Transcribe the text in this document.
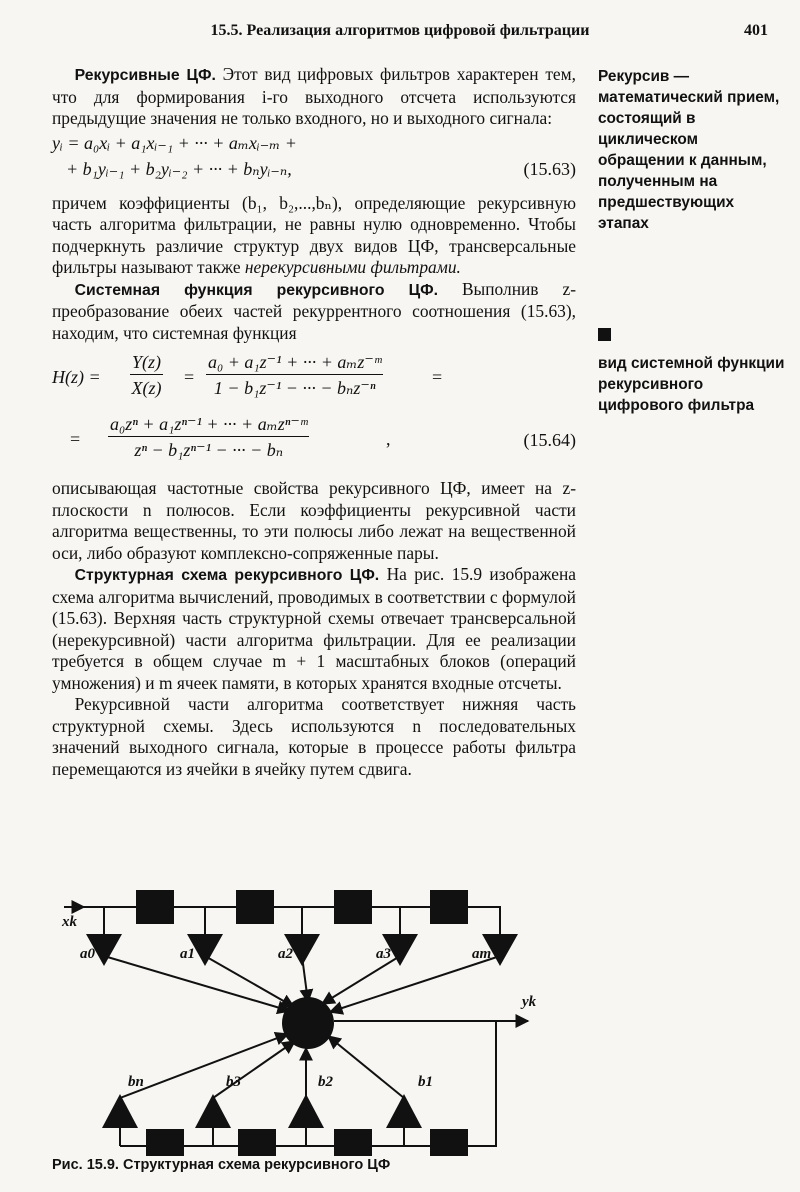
15.5. Реализация алгоритмов цифровой фильтрации	401

Рекурсивные ЦФ. Этот вид цифровых фильтров характерен тем, что для формирования i-го выходного отсчета используются предыдущие значения не только входного, но и выходного сигнала:

yᵢ = a₀xᵢ + a₁xᵢ₋₁ + ··· + aₘxᵢ₋ₘ +
+ b₁yᵢ₋₁ + b₂yᵢ₋₂ + ··· + bₙyᵢ₋ₙ,	(15.63)

причем коэффициенты (b₁, b₂,...,bₙ), определяющие рекурсивную часть алгоритма фильтрации, не равны нулю одновременно. Чтобы подчеркнуть различие структур двух видов ЦФ, трансверсальные фильтры называют также нерекурсивными фильтрами.

Системная функция рекурсивного ЦФ. Выполнив z-преобразование обеих частей рекуррентного соотношения (15.63), находим, что системная функция

$H(z) = \frac{Y(z)}{X(z)}$ =
a₀ + a₁z⁻¹ + ··· + aₘz⁻ᵐ
1 − b₁z⁻¹ − ··· − bₙz⁻ⁿ
=
=
a₀zⁿ + a₁zⁿ⁻¹ + ··· + aₘzⁿ⁻ᵐ
zⁿ − b₁zⁿ⁻¹ − ··· − bₙ
,	(15.64)

описывающая частотные свойства рекурсивного ЦФ, имеет на z-плоскости n полюсов. Если коэффициенты рекурсивной части алгоритма вещественны, то эти полюсы либо лежат на вещественной оси, либо образуют комплексно-сопряженные пары.

Структурная схема рекурсивного ЦФ. На рис. 15.9 изображена схема алгоритма вычислений, проводимых в соответствии с формулой (15.63). Верхняя часть структурной схемы отвечает трансверсальной (нерекурсивной) части алгоритма фильтрации. Для ее реализации требуется в общем случае m + 1 масштабных блоков (операций умножения) и m ячеек памяти, в которых хранятся входные отсчеты.

Рекурсивной части алгоритма соответствует нижняя часть структурной схемы. Здесь используются n последовательных значений выходного сигнала, которые в процессе работы фильтра перемещаются из ячейки в ячейку путем сдвига.

Рекурсив — математический прием, состоящий в циклическом обращении к данным, полученным на предшествующих этапах

вид системной функции рекурсивного цифрового фильтра

xk
yk
a0	a1	a2	a3	am
bn	b3	b2	b1
Рис. 15.9. Структурная схема рекурсивного ЦФ
